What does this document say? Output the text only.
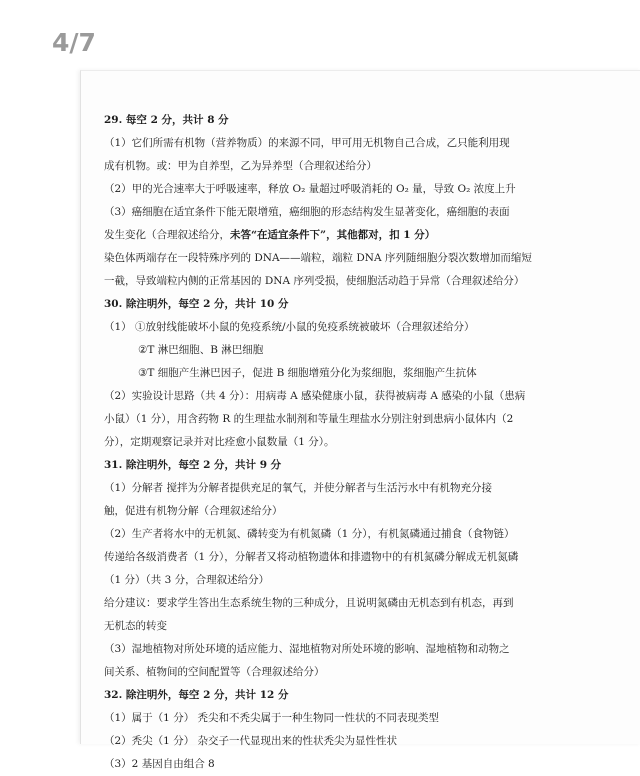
4/7
29. 每空 2 分，共计 8 分
（1）它们所需有机物（营养物质）的来源不同，甲可用无机物自己合成，乙只能利用现
成有机物。或：甲为自养型，乙为异养型（合理叙述给分）
（2）甲的光合速率大于呼吸速率，释放 O₂ 量超过呼吸消耗的 O₂ 量，导致 O₂ 浓度上升
（3）癌细胞在适宜条件下能无限增殖，癌细胞的形态结构发生显著变化，癌细胞的表面
发生变化（合理叙述给分，未答“在适宜条件下”，其他都对，扣 1 分）
染色体两端存在一段特殊序列的 DNA——端粒，端粒 DNA 序列随细胞分裂次数增加而缩短
一截，导致端粒内侧的正常基因的 DNA 序列受损，使细胞活动趋于异常（合理叙述给分）
30. 除注明外，每空 2 分，共计 10 分
（1） ①放射线能破坏小鼠的免疫系统/小鼠的免疫系统被破坏（合理叙述给分）
②T 淋巴细胞、B 淋巴细胞
③T 细胞产生淋巴因子，促进 B 细胞增殖分化为浆细胞，浆细胞产生抗体
（2）实验设计思路（共 4 分）：用病毒 A 感染健康小鼠，获得被病毒 A 感染的小鼠（患病
小鼠）（1 分），用含药物 R 的生理盐水制剂和等量生理盐水分别注射到患病小鼠体内（2
分），定期观察记录并对比痊愈小鼠数量（1 分）。
31. 除注明外，每空 2 分，共计 9 分
（1）分解者 搅拌为分解者提供充足的氧气，并使分解者与生活污水中有机物充分接
触，促进有机物分解（合理叙述给分）
（2）生产者将水中的无机氮、磷转变为有机氮磷（1 分），有机氮磷通过捕食（食物链）
传递给各级消费者（1 分），分解者又将动植物遗体和排遗物中的有机氮磷分解成无机氮磷
（1 分）（共 3 分，合理叙述给分）
给分建议：要求学生答出生态系统生物的三种成分，且说明氮磷由无机态到有机态，再到
无机态的转变
（3）湿地植物对所处环境的适应能力、湿地植物对所处环境的影响、湿地植物和动物之
间关系、植物间的空间配置等（合理叙述给分）
32. 除注明外，每空 2 分，共计 12 分
（1）属于（1 分） 秃尖和不秃尖属于一种生物同一性状的不同表现类型
（2）秃尖（1 分） 杂交子一代显现出来的性状秃尖为显性性状
（3）2 基因自由组合 8
